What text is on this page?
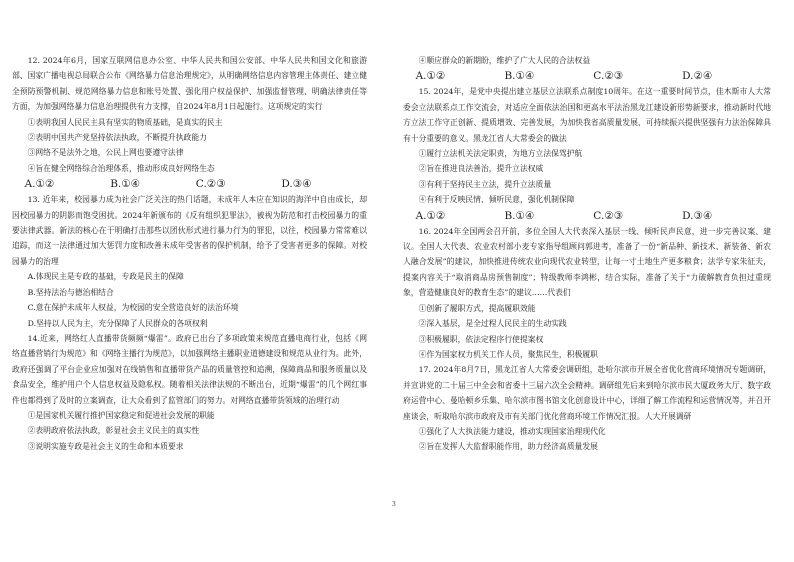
12. 2024年6月，国家互联网信息办公室、中华人民共和国公安部、中华人民共和国文化和旅游部、国家广播电视总局联合公布《网络暴力信息治理规定》，从明确网络信息内容管理主体责任、建立健全预防预警机制、规范网络暴力信息和账号处置、强化用户权益保护、加强监督管理、明确法律责任等方面，为加强网络暴力信息治理提供有力支撑，自2024年8月1日起施行。这项规定的实行

①表明我国人民民主具有坚实的物质基础，是真实的民主

②表明中国共产党坚持依法执政，不断提升执政能力

③网络不是法外之地，公民上网也要遵守法律

④旨在健全网络综合治理体系，推动形成良好网络生态

A.①②	B.①④	C.②③	D.③④

13. 近年来，校园暴力成为社会广泛关注的热门话题，未成年人本应在知识的海洋中自由成长，却因校园暴力的阴影而饱受困扰。2024年新颁布的《反有组织犯罪法》，被视为防范和打击校园暴力的重要法律武器。新法的核心在于明确打击那些以团伙形式进行暴力行为的罪犯，以往，校园暴力常常难以追踪，而这一法律通过加大惩罚力度和改善未成年受害者的保护机制，给予了受害者更多的保障。对校园暴力的治理

A.体现民主是专政的基础，专政是民主的保障

B.坚持法治与德治相结合

C.意在保护未成年人权益，为校园的安全营造良好的法治环境

D.坚持以人民为主，充分保障了人民群众的各项权利

14.近来，网络红人直播带货频频“爆雷”。政府已出台了多项政策来规范直播电商行业，包括《网络直播营销行为规范》和《网络主播行为规范》，以加强网络主播职业道德建设和规范从业行为。此外，政府还强调了平台企业应加强对在线销售和直播带货产品的质量管控和追溯，保障商品和服务质量以及食品安全，维护用户个人信息权益及隐私权。随着相关法律法规的不断出台，近期“爆雷”的几个网红事件也都得到了及时的立案调查，让大众看到了监管部门的努力。对网络直播带货领域的治理行动

①是国家机关履行推护国家稳定和促进社会发展的职能

②表明政府依法执政，彰显社会主义民主的真实性

③说明实施专政是社会主义的生命和本质要求

④顺应群众的新期盼，维护了广大人民的合法权益

A.①②	B.①④	C.②③	D.②④

15. 2024年，是党中央提出建立基层立法联系点制度10周年。在这一重要时间节点，佳木斯市人大常委会立法联系点工作交流会，对适应全面依法治国和更高水平法治黑龙江建设新形势新要求，推动新时代地方立法工作守正创新、提质增效、完善发展，为加快我省高质量发展、可持续振兴提供坚强有力法治保障具有十分重要的意义。黑龙江省人大常委会的做法

①履行立法机关法定职责，为地方立法保驾护航

②旨在推进良法善治，提升立法权威

③有利于坚持民主立法，提升立法质量

④有利于反映民情、倾听民意，强化机制保障

A.①②	B.①④	C.②③	D.③④

16. 2024年全国两会召开前，多位全国人大代表深入基层一线、倾听民声民意，进一步完善议案、建议。全国人大代表、农业农村部小麦专家指导组顾问郭进考，准备了一份“新品种、新技术、新装备、新农人融合发展”的建议，加快推进传统农业向现代农业转型，让每一寸土地生产更多粮食；法学专家朱征夫，提案内容关于“取消商品房预售制度”；特级教师李鸿彬，结合实际，准备了关于“力破解教育负担过重现象，营造健康良好的教育生态”的建议……代表们

①创新了履职方式，提高履职效能

②深入基层，是全过程人民民主的生动实践

③积极履职，依法定程序行使提案权

④作为国家权力机关工作人员，聚焦民生，积极履职

17. 2024年8月7日，黑龙江省人大常委会调研组，赴哈尔滨市开展全省优化营商环境情况专题调研，并宣讲党的二十届三中全会和省委十三届六次全会精神。调研组先后来到哈尔滨市民大厦政务大厅、数字政府运营中心、曼哈顿乡乐集、哈尔滨市图书馆文化创意设计中心，详细了解工作流程和运营情况等，并召开座谈会，听取哈尔滨市政府及市有关部门优化营商环境工作情况汇报。人大开展调研

①强化了人大执法能力建设，推动实现国家治理现代化

②旨在发挥人大监督职能作用，助力经济高质量发展

3
